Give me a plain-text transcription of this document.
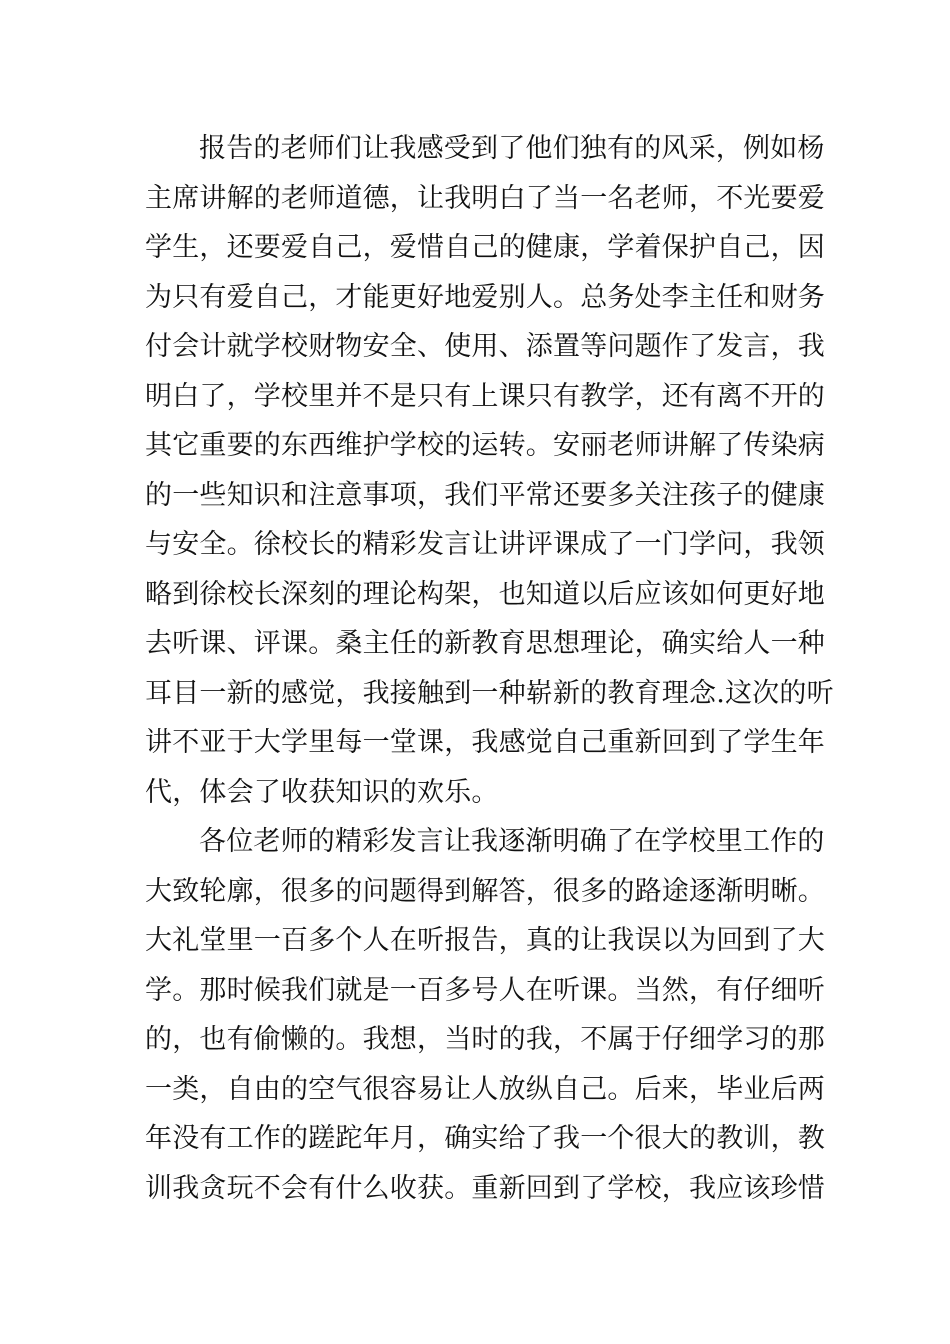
报告的老师们让我感受到了他们独有的风采，例如杨
主席讲解的老师道德，让我明白了当一名老师，不光要爱
学生，还要爱自己，爱惜自己的健康，学着保护自己，因
为只有爱自己，才能更好地爱别人。总务处李主任和财务
付会计就学校财物安全、使用、添置等问题作了发言，我
明白了，学校里并不是只有上课只有教学，还有离不开的
其它重要的东西维护学校的运转。安丽老师讲解了传染病
的一些知识和注意事项，我们平常还要多关注孩子的健康
与安全。徐校长的精彩发言让讲评课成了一门学问，我领
略到徐校长深刻的理论构架，也知道以后应该如何更好地
去听课、评课。桑主任的新教育思想理论，确实给人一种
耳目一新的感觉，我接触到一种崭新的教育理念.这次的听
讲不亚于大学里每一堂课，我感觉自己重新回到了学生年
代，体会了收获知识的欢乐。
各位老师的精彩发言让我逐渐明确了在学校里工作的
大致轮廓，很多的问题得到解答，很多的路途逐渐明晰。
大礼堂里一百多个人在听报告，真的让我误以为回到了大
学。那时候我们就是一百多号人在听课。当然，有仔细听
的，也有偷懒的。我想，当时的我，不属于仔细学习的那
一类，自由的空气很容易让人放纵自己。后来，毕业后两
年没有工作的蹉跎年月，确实给了我一个很大的教训，教
训我贪玩不会有什么收获。重新回到了学校，我应该珍惜
